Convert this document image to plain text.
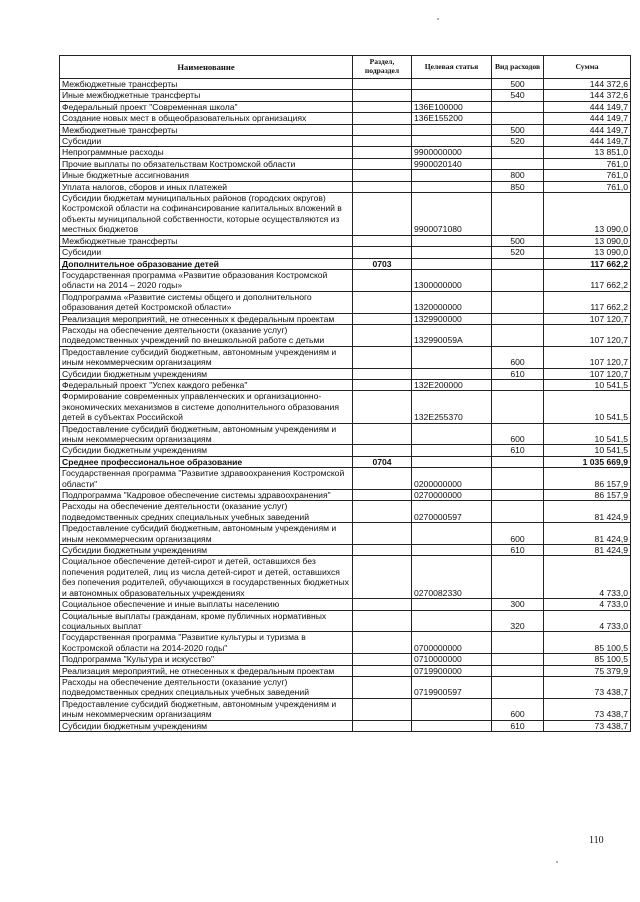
Наименование	Раздел, подраздел	Целевая статья	Вид расходов	Сумма
Межбюджетные трансферты			500	144 372,6
Иные межбюджетные трансферты			540	144 372,6
Федеральный проект "Современная школа"		136E100000		444 149,7
Создание новых мест в общеобразовательных организациях		136E155200		444 149,7
Межбюджетные трансферты			500	444 149,7
Субсидии			520	444 149,7
Непрограммные расходы		9900000000		13 851,0
Прочие выплаты по обязательствам Костромской области		9900020140		761,0
Иные бюджетные ассигнования			800	761,0
Уплата налогов, сборов и иных платежей			850	761,0
Субсидии бюджетам муниципальных районов (городских округов) Костромской области на софинансирование капитальных вложений в объекты муниципальной собственности, которые осуществляются из местных бюджетов		9900071080		13 090,0
Межбюджетные трансферты			500	13 090,0
Субсидии			520	13 090,0
Дополнительное образование детей	0703			117 662,2
Государственная программа «Развитие образования Костромской области на 2014 – 2020 годы»		1300000000		117 662,2
Подпрограмма «Развитие системы общего и дополнительного образования детей Костромской области»		1320000000		117 662,2
Реализация мероприятий, не отнесенных к федеральным проектам		1329900000		107 120,7
Расходы на обеспечение деятельности (оказание услуг) подведомственных учреждений по внешкольной работе с детьми		132990059А		107 120,7
Предоставление субсидий бюджетным, автономным учреждениям и иным некоммерческим организациям			600	107 120,7
Субсидии бюджетным учреждениям			610	107 120,7
Федеральный проект "Успех каждого ребенка"		132E200000		10 541,5
Формирование современных управленческих и организационно-экономических механизмов в системе дополнительного образования детей в субъектах Российской		132E255370		10 541,5
Предоставление субсидий бюджетным, автономным учреждениям и иным некоммерческим организациям			600	10 541,5
Субсидии бюджетным учреждениям			610	10 541,5
Среднее профессиональное образование	0704			1 035 669,9
Государственная программа "Развитие здравоохранения Костромской области"		0200000000		86 157,9
Подпрограмма "Кадровое обеспечение системы здравоохранения"		0270000000		86 157,9
Расходы на обеспечение деятельности (оказание услуг) подведомственных средних специальных учебных заведений		0270000597		81 424,9
Предоставление субсидий бюджетным, автономным учреждениям и иным некоммерческим организациям			600	81 424,9
Субсидии бюджетным учреждениям			610	81 424,9
Социальное обеспечение детей-сирот и детей, оставшихся без попечения родителей, лиц из числа детей-сирот и детей, оставшихся без попечения родителей, обучающихся в государственных бюджетных и автономных образовательных учреждениях		0270082330		4 733,0
Социальное обеспечение и иные выплаты населению			300	4 733,0
Социальные выплаты гражданам, кроме публичных нормативных социальных выплат			320	4 733,0
Государственная программа "Развитие культуры и туризма в Костромской области на 2014-2020 годы"		0700000000		85 100,5
Подпрограмма "Культура и искусство"		0710000000		85 100,5
Реализация мероприятий, не отнесенных к федеральным проектам		0719900000		75 379,9
Расходы на обеспечение деятельности (оказание услуг) подведомственных средних специальных учебных заведений		0719900597		73 438,7
Предоставление субсидий бюджетным, автономным учреждениям и иным некоммерческим организациям			600	73 438,7
Субсидии бюджетным учреждениям			610	73 438,7
110
